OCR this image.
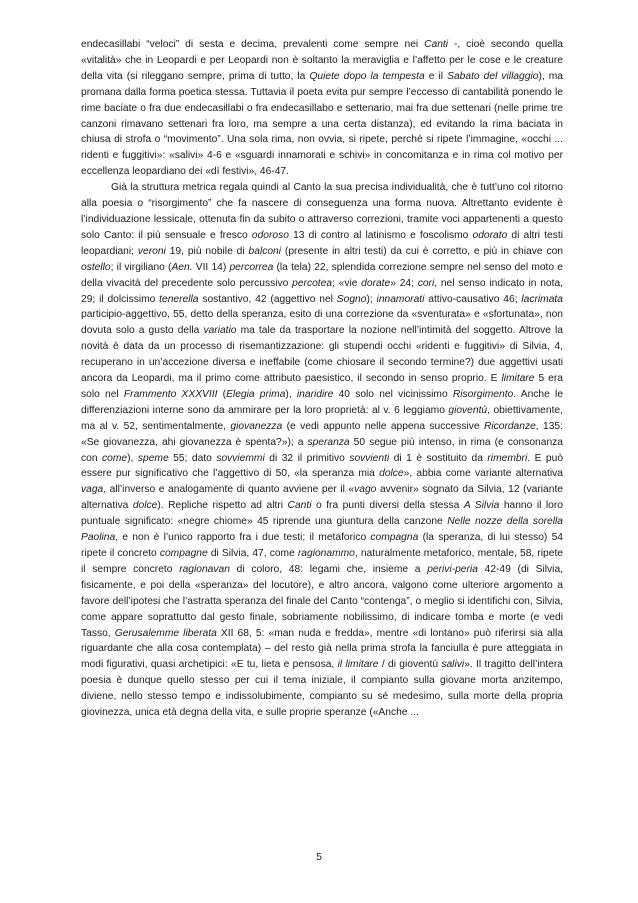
endecasillabi “veloci” di sesta e decima, prevalenti come sempre nei Canti -, cioè secondo quella «vitalità» che in Leopardi e per Leopardi non è soltanto la meraviglia e l’affetto per le cose e le creature della vita (si rileggano sempre, prima di tutto, la Quiete dopo la tempesta e il Sabato del villaggio), ma promana dalla forma poetica stessa. Tuttavia il poeta evita pur sempre l’eccesso di cantabilità ponendo le rime baciate o fra due endecasillabi o fra endecasillabo e settenario, mai fra due settenari (nelle prime tre canzoni rimavano settenari fra loro, ma sempre a una certa distanza), ed evitando la rima baciata in chiusa di strofa o “movimento”. Una sola rima, non ovvia, si ripete, perché si ripete l’immagine, «occhi ... ridenti e fuggitivi»: «salivi» 4-6 e «sguardi innamorati e schivi» in concomitanza e in rima col motivo per eccellenza leopardiano dei «dí festivi», 46-47.

Già la struttura metrica regala quindi al Canto la sua precisa individualità, che è tutt’uno col ritorno alla poesia o “risorgimento” che fa nascere di conseguenza una forma nuova. Altrettanto evidente è l’individuazione lessicale, ottenuta fin da subito o attraverso correzioni, tramite voci appartenenti a questo solo Canto: il più sensuale e fresco odoroso 13 di contro al latinismo e foscolismo odorato di altri testi leopardiani; veroni 19, più nobile di balconi (presente in altri testi) da cui è corretto, e più in chiave con ostello; il virgiliano (Aen. VII 14) percorrea (la tela) 22, splendida correzione sempre nel senso del moto e della vivacità del precedente solo percussivo percotea; «vie dorate» 24; cori, nel senso indicato in nota, 29; il dolcissimo tenerella sostantivo, 42 (aggettivo nel Sogno); innamorati attivo-causativo 46; lacrimata participio-aggettivo, 55, detto della speranza, esito di una correzione da «sventurata» e «sfortunata», non dovuta solo a gusto della variatio ma tale da trasportare la nozione nell’intimità del soggetto. Altrove la novità è data da un processo di risemantizzazione: gli stupendi occhi «ridenti e fuggitivi» di Silvia, 4, recuperano in un’accezione diversa e ineffabile (come chiosare il secondo termine?) due aggettivi usati ancora da Leopardi, ma il primo come attributo paesistico, il secondo in senso proprio. E limitare 5 era solo nel Frammento XXXVIII (Elegia prima), inaridire 40 solo nel vicinissimo Risorgimento. Anche le differenziazioni interne sono da ammirare per la loro proprietà: al v. 6 leggiamo gioventù, obiettivamente, ma al v. 52, sentimentalmente, giovanezza (e vedi appunto nelle appena successive Ricordanze, 135: «Se giovanezza, ahi giovanezza è spenta?»); a speranza 50 segue più intenso, in rima (e consonanza con come), speme 55; dato sovviemmi di 32 il primitivo sovvienti di 1 è sostituito da rimembri. E può essere pur significativo che l’aggettivo di 50, «la speranza mia dolce», abbia come variante alternativa vaga, all’inverso e analogamente di quanto avviene per il «vago avvenir» sognato da Silvia, 12 (variante alternativa dolce). Repliche rispetto ad altri Canti o fra punti diversi della stessa A Silvia hanno il loro puntuale significato: «negre chiome» 45 riprende una giuntura della canzone Nelle nozze della sorella Paolina, e non è l’unico rapporto fra i due testi; il metaforico compagna (la speranza, di lui stesso) 54 ripete il concreto compagne di Silvia, 47, come ragionammo, naturalmente metaforico, mentale, 58, ripete il sempre concreto ragionavan di coloro, 48: legami che, insieme a perivi-peria 42-49 (di Silvia, fisicamente, e poi della «speranza» del locutore), e altro ancora, valgono come ulteriore argomento a favore dell’ipotesi che l’astratta speranza del finale del Canto “contenga”, o meglio si identifichi con, Silvia, come appare soprattutto dal gesto finale, sobriamente nobilissimo, di indicare tomba e morte (e vedi Tasso, Gerusalemme liberata XII 68, 5: «man nuda e fredda», mentre «di lontano» può riferirsi sia alla riguardante che alla cosa contemplata) – del resto già nella prima strofa la fanciulla è pure atteggiata in modi figurativi, quasi archetipici: «E tu, lieta e pensosa, il limitare / di gioventú salivi». Il tragitto dell’intera poesia è dunque quello stesso per cui il tema iniziale, il compianto sulla giovane morta anzitempo, diviene, nello stesso tempo e indissolubimente, compianto su sé medesimo, sulla morte della propria giovinezza, unica età degna della vita, e sulle proprie speranze («Anche ...

5
